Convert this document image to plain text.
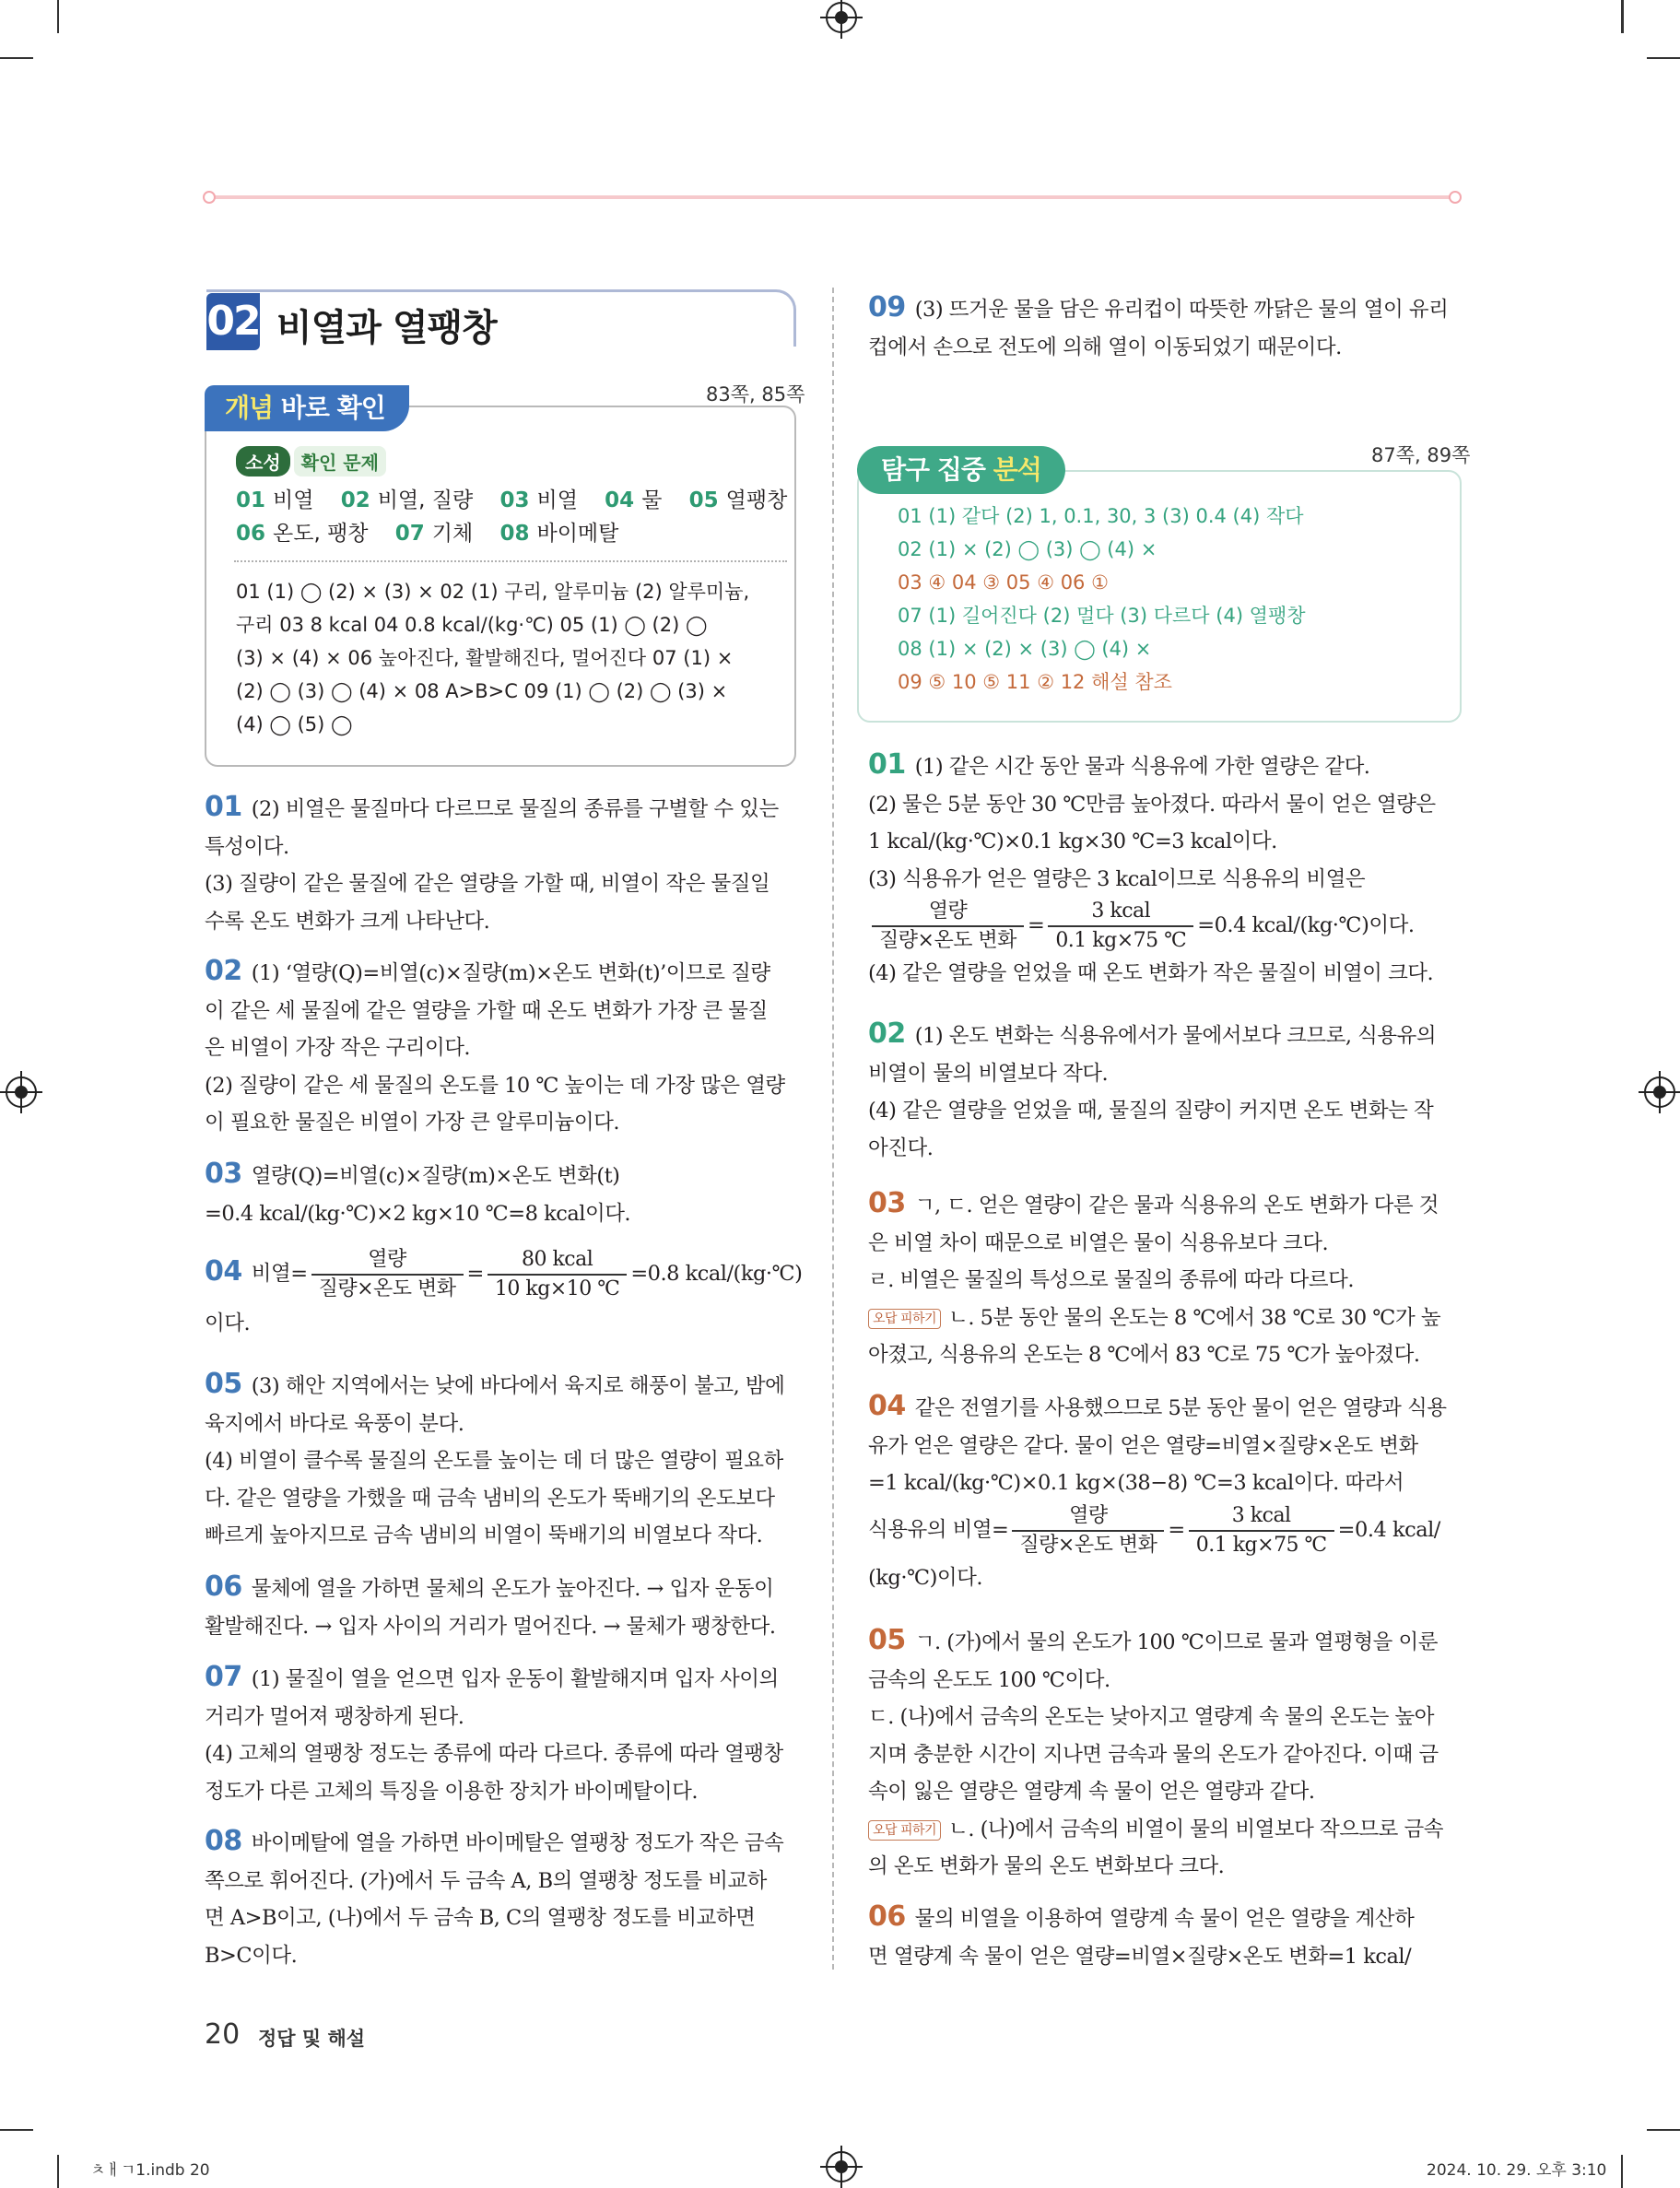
02 비열과 열팽창
83쪽, 85쪽
개념 바로 확인
소성 확인 문제
01 비열 02 비열, 질량 03 비열 04 물 05 열팽창
06 온도, 팽창 07 기체 08 바이메탈
01 (1) ◯ (2) × (3) × 02 (1) 구리, 알루미늄 (2) 알루미늄,
구리 03 8 kcal 04 0.8 kcal/(kg·℃) 05 (1) ◯ (2) ◯
(3) × (4) × 06 높아진다, 활발해진다, 멀어진다 07 (1) ×
(2) ◯ (3) ◯ (4) × 08 A>B>C 09 (1) ◯ (2) ◯ (3) ×
(4) ◯ (5) ◯
01 (2) 비열은 물질마다 다르므로 물질의 종류를 구별할 수 있는
특성이다.
(3) 질량이 같은 물질에 같은 열량을 가할 때, 비열이 작은 물질일
수록 온도 변화가 크게 나타난다.
02 (1) ‘열량(Q)=비열(c)×질량(m)×온도 변화(t)’이므로 질량
이 같은 세 물질에 같은 열량을 가할 때 온도 변화가 가장 큰 물질
은 비열이 가장 작은 구리이다.
(2) 질량이 같은 세 물질의 온도를 10 ℃ 높이는 데 가장 많은 열량
이 필요한 물질은 비열이 가장 큰 알루미늄이다.
03 열량(Q)=비열(c)×질량(m)×온도 변화(t)
=0.4 kcal/(kg·℃)×2 kg×10 ℃=8 kcal이다.
04 비열= $\frac{\text{열량}}{\text{질량×온도 변화}} = \frac{\text{80 kcal}}{10 kg\times 10 ℃} =0.8$ kcal/(kg·℃)
이다.
05 (3) 해안 지역에서는 낮에 바다에서 육지로 해풍이 불고, 밤에
육지에서 바다로 육풍이 분다.
(4) 비열이 클수록 물질의 온도를 높이는 데 더 많은 열량이 필요하
다. 같은 열량을 가했을 때 금속 냄비의 온도가 뚝배기의 온도보다
빠르게 높아지므로 금속 냄비의 비열이 뚝배기의 비열보다 작다.
06 물체에 열을 가하면 물체의 온도가 높아진다. → 입자 운동이
활발해진다. → 입자 사이의 거리가 멀어진다. → 물체가 팽창한다.
07 (1) 물질이 열을 얻으면 입자 운동이 활발해지며 입자 사이의
거리가 멀어져 팽창하게 된다.
(4) 고체의 열팽창 정도는 종류에 따라 다르다. 종류에 따라 열팽창
정도가 다른 고체의 특징을 이용한 장치가 바이메탈이다.
08 바이메탈에 열을 가하면 바이메탈은 열팽창 정도가 작은 금속
쪽으로 휘어진다. (가)에서 두 금속 A, B의 열팽창 정도를 비교하
면 A>B이고, (나)에서 두 금속 B, C의 열팽창 정도를 비교하면
B>C이다.
09 (3) 뜨거운 물을 담은 유리컵이 따뜻한 까닭은 물의 열이 유리
컵에서 손으로 전도에 의해 열이 이동되었기 때문이다.
87쪽, 89쪽
탐구 집중 분석
01 (1) 같다 (2) 1, 0.1, 30, 3 (3) 0.4 (4) 작다
02 (1) × (2) ◯ (3) ◯ (4) ×
03 ④ 04 ③ 05 ④ 06 ①
07 (1) 길어진다 (2) 멀다 (3) 다르다 (4) 열팽창
08 (1) × (2) × (3) ◯ (4) ×
09 ⑤ 10 ⑤ 11 ② 12 해설 참조
01 (1) 같은 시간 동안 물과 식용유에 가한 열량은 같다.
(2) 물은 5분 동안 30 ℃만큼 높아졌다. 따라서 물이 얻은 열량은
1 kcal/(kg·℃)×0.1 kg×30 ℃=3 kcal이다.
(3) 식용유가 얻은 열량은 3 kcal이므로 식용유의 비열은
$\frac{\text{열량}}{\text{질량×온도 변화}} = \frac{\text{3 kcal}}{0.1 kg\times 75 ℃} =0.4$ kcal/(kg·℃)이다.
(4) 같은 열량을 얻었을 때 온도 변화가 작은 물질이 비열이 크다.
02 (1) 온도 변화는 식용유에서가 물에서보다 크므로, 식용유의
비열이 물의 비열보다 작다.
(4) 같은 열량을 얻었을 때, 물질의 질량이 커지면 온도 변화는 작
아진다.
03 ㄱ, ㄷ. 얻은 열량이 같은 물과 식용유의 온도 변화가 다른 것
은 비열 차이 때문으로 비열은 물이 식용유보다 크다.
ㄹ. 비열은 물질의 특성으로 물질의 종류에 따라 다르다.
오답 피하기 ㄴ. 5분 동안 물의 온도는 8 ℃에서 38 ℃로 30 ℃가 높
아졌고, 식용유의 온도는 8 ℃에서 83 ℃로 75 ℃가 높아졌다.
04 같은 전열기를 사용했으므로 5분 동안 물이 얻은 열량과 식용
유가 얻은 열량은 같다. 물이 얻은 열량=비열×질량×온도 변화
=1 kcal/(kg·℃)×0.1 kg×(38−8) ℃=3 kcal이다. 따라서
식용유의 비열= $\frac{\text{열량}}{\text{질량×온도 변화}} = \frac{\text{3 kcal}}{0.1 kg\times 75 ℃} =0.4$ kcal/
(kg·℃)이다.
05 ㄱ. (가)에서 물의 온도가 100 ℃이므로 물과 열평형을 이룬
금속의 온도도 100 ℃이다.
ㄷ. (나)에서 금속의 온도는 낮아지고 열량계 속 물의 온도는 높아
지며 충분한 시간이 지나면 금속과 물의 온도가 같아진다. 이때 금
속이 잃은 열량은 열량계 속 물이 얻은 열량과 같다.
오답 피하기 ㄴ. (나)에서 금속의 비열이 물의 비열보다 작으므로 금속
의 온도 변화가 물의 온도 변화보다 크다.
06 물의 비열을 이용하여 열량계 속 물이 얻은 열량을 계산하
면 열량계 속 물이 얻은 열량=비열×질량×온도 변화=1 kcal/
20 정답 및 해설
ㅊㅐㄱ1.indb 20	2024. 10. 29. 오후 3:10
